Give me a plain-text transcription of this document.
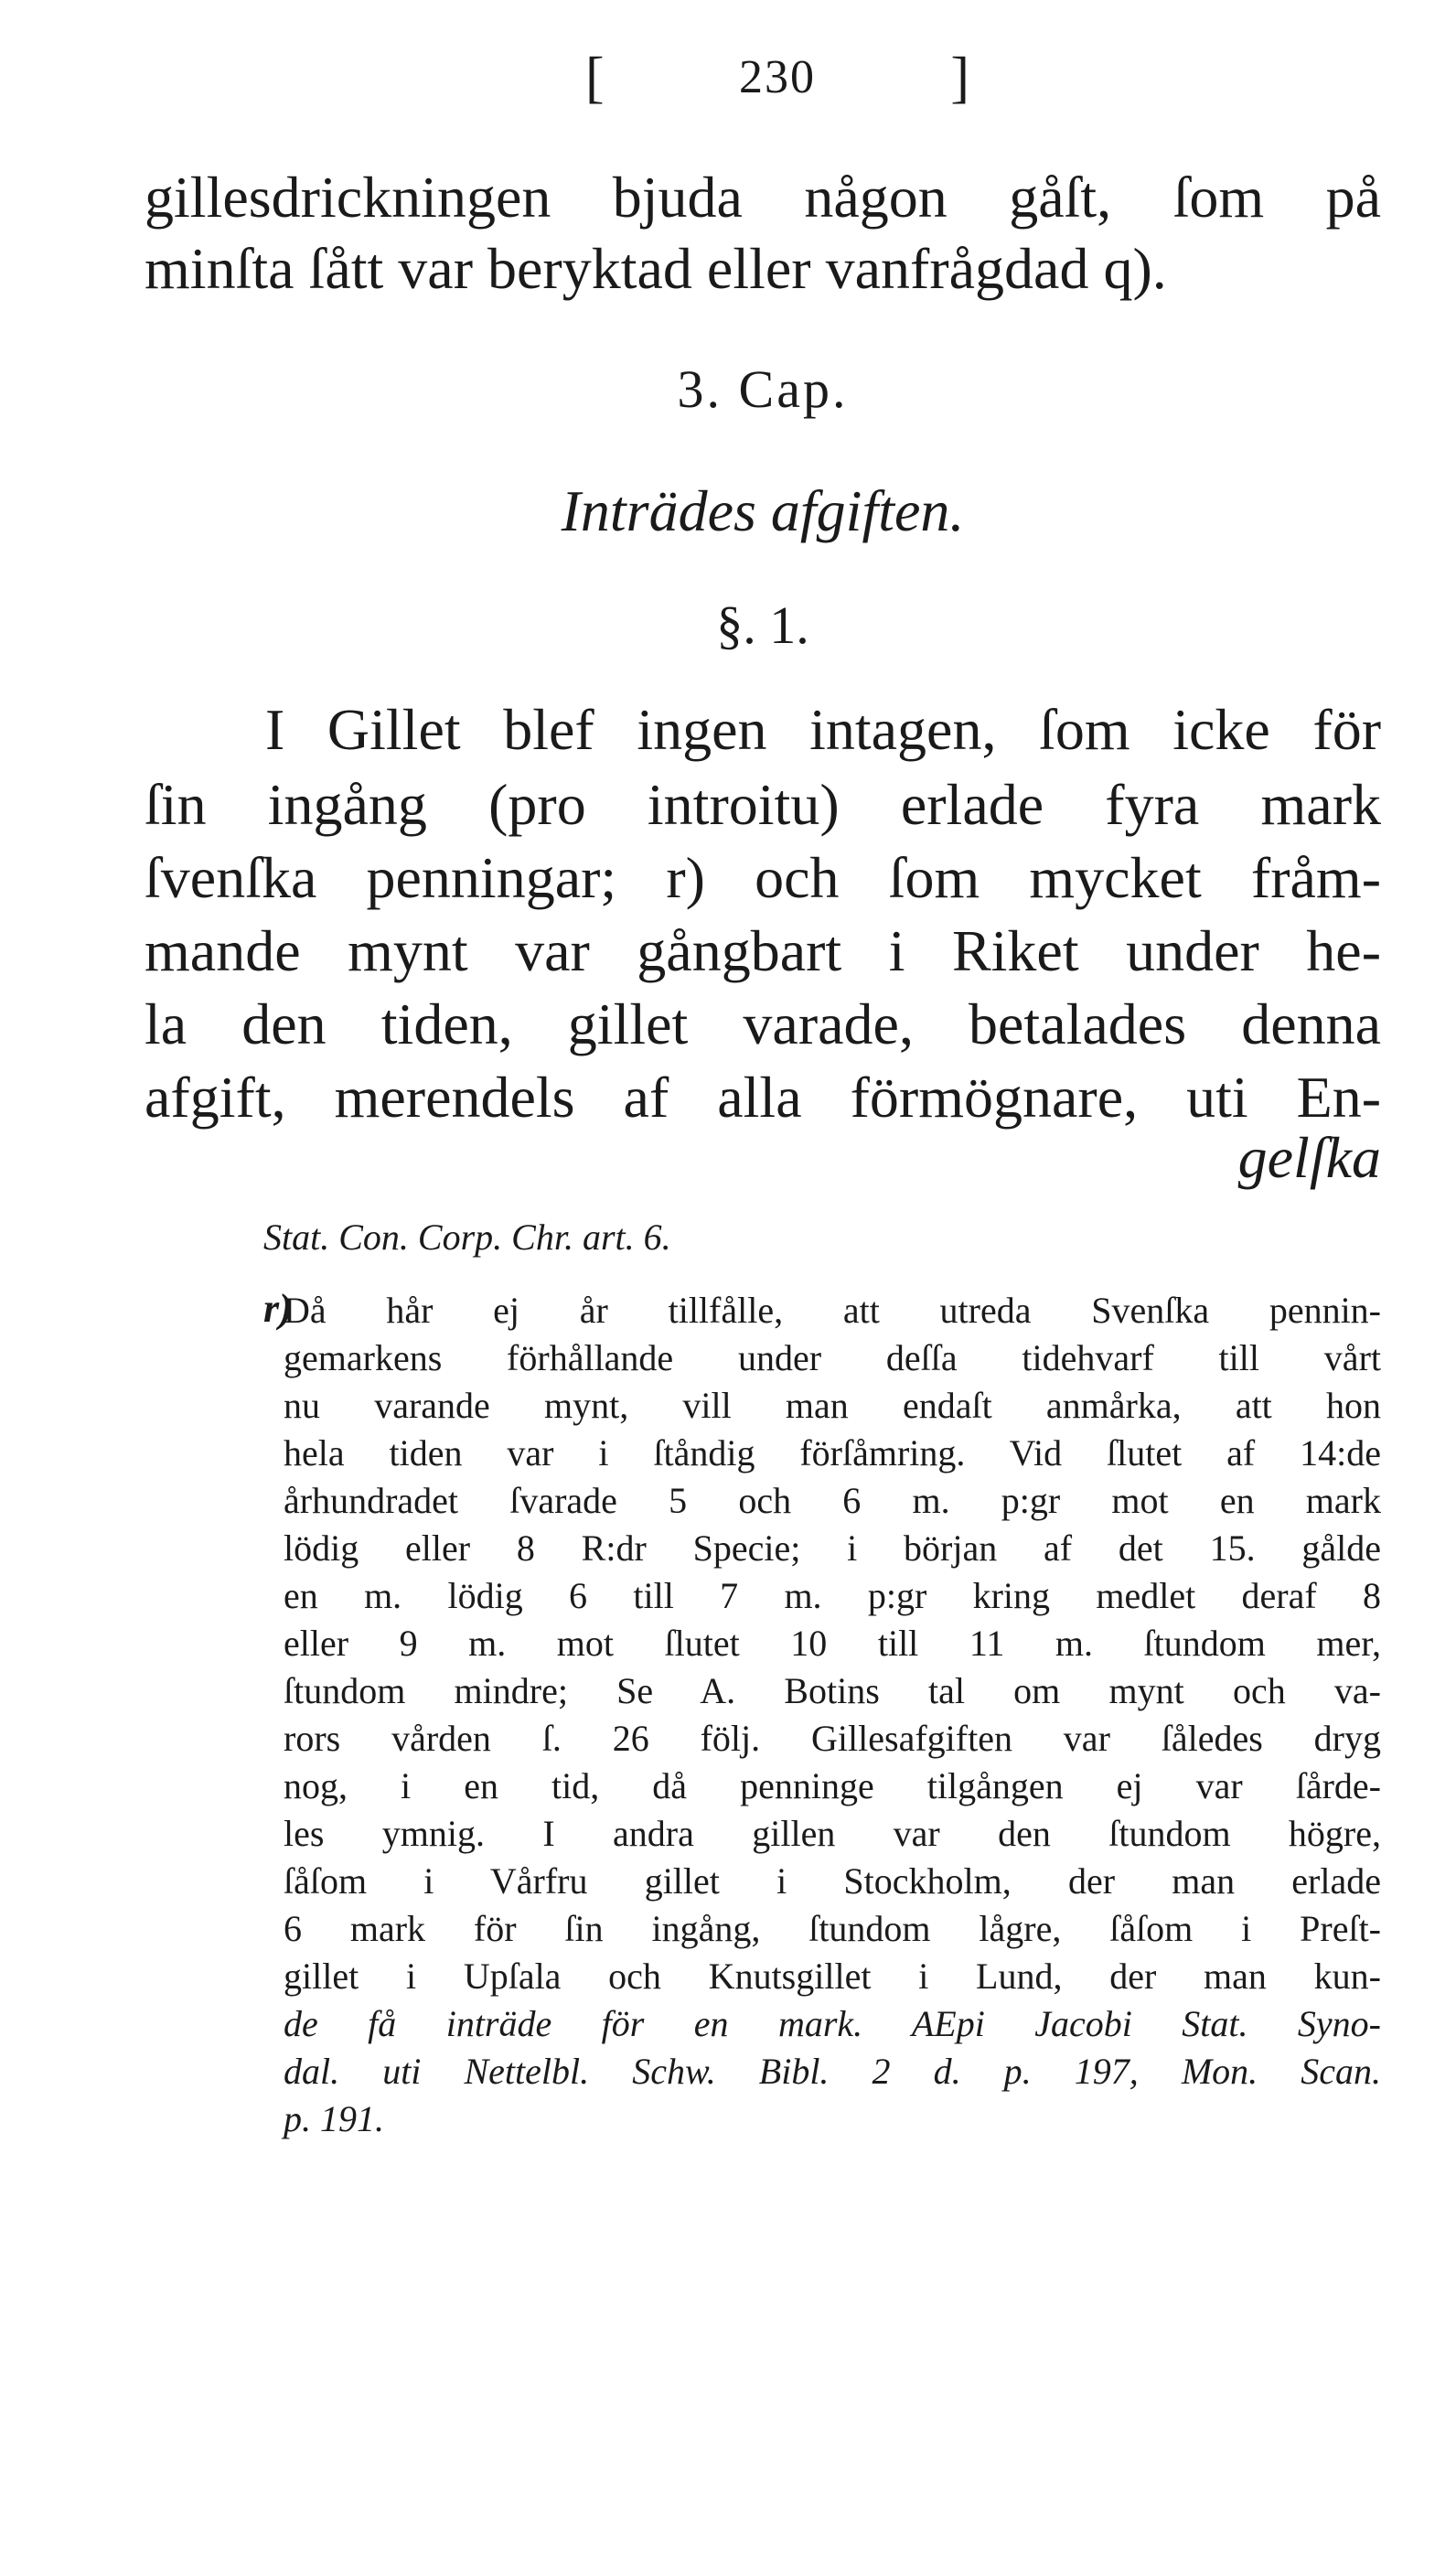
[	230 ]
gillesdrickningen bjuda någon gåſt, ſom på
minſta ſått var beryktad eller vanfrågdad q).
3. Cap.
Inträdes afgiften.
§. 1.
I Gillet blef ingen intagen, ſom icke för
ſin ingång (pro introitu) erlade fyra mark
ſvenſka penningar; r) och ſom mycket fråm-
mande mynt var gångbart i Riket under he-
la den tiden, gillet varade, betalades denna
afgift, merendels af alla förmögnare, uti En-
gelſka
Stat. Con. Corp. Chr. art. 6.
r)
Då hår ej år tillfålle, att utreda Svenſka pennin-
gemarkens förhållande under deſſa tidehvarf till vårt
nu varande mynt, vill man endaſt anmårka, att hon
hela tiden var i ſtåndig förſåmring. Vid ſlutet af 14:de
århundradet ſvarade 5 och 6 m. p:gr mot en mark
lödig eller 8 R:dr Specie; i början af det 15. gålde
en m. lödig 6 till 7 m. p:gr kring medlet deraf 8
eller 9 m. mot ſlutet 10 till 11 m. ſtundom mer,
ſtundom mindre; Se A. Botins tal om mynt och va-
rors vården ſ. 26 följ. Gillesafgiften var ſåledes dryg
nog, i en tid, då penninge tilgången ej var ſårde-
les ymnig. I andra gillen var den ſtundom högre,
ſåſom i Vårfru gillet i Stockholm, der man erlade
6 mark för ſin ingång, ſtundom lågre, ſåſom i Preſt-
gillet i Upſala och Knutsgillet i Lund, der man kun-
de få inträde för en mark. AEpi Jacobi Stat. Syno-
dal. uti Nettelbl. Schw. Bibl. 2 d. p. 197, Mon. Scan.
p. 191.
